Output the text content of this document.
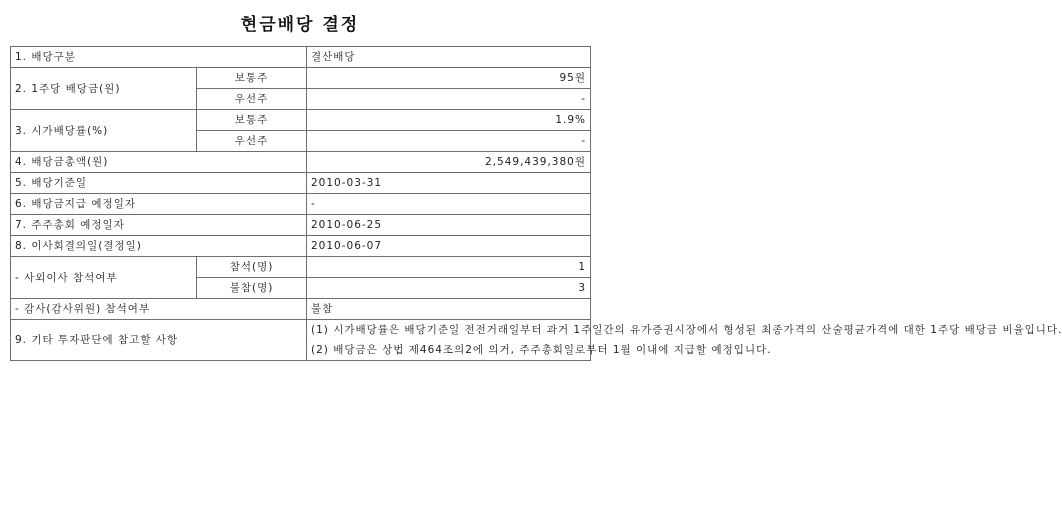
현금배당 결정
1. 배당구분		결산배당
2. 1주당 배당금(원)	보통주	95원
	우선주	-
3. 시가배당률(%)	보통주	1.9%
	우선주	-
4. 배당금총액(원)		2,549,439,380원
5. 배당기준일		2010-03-31
6. 배당금지급 예정일자		-
7. 주주총회 예정일자		2010-06-25
8. 이사회결의일(결정일)		2010-06-07
- 사외이사 참석여부	참석(명)	1
	불참(명)	3
- 감사(감사위원) 참석여부		불참
9. 기타 투자판단에 참고할 사항		(1) 시가배당률은 배당기준일 전전거래일부터 과거 1주일간의 유가증권시장에서 형성된 최종가격의 산술평균가격에 대한 1주당 배당금 비율입니다.
(2) 배당금은 상법 제464조의2에 의거, 주주총회일로부터 1월 이내에 지급할 예정입니다.
